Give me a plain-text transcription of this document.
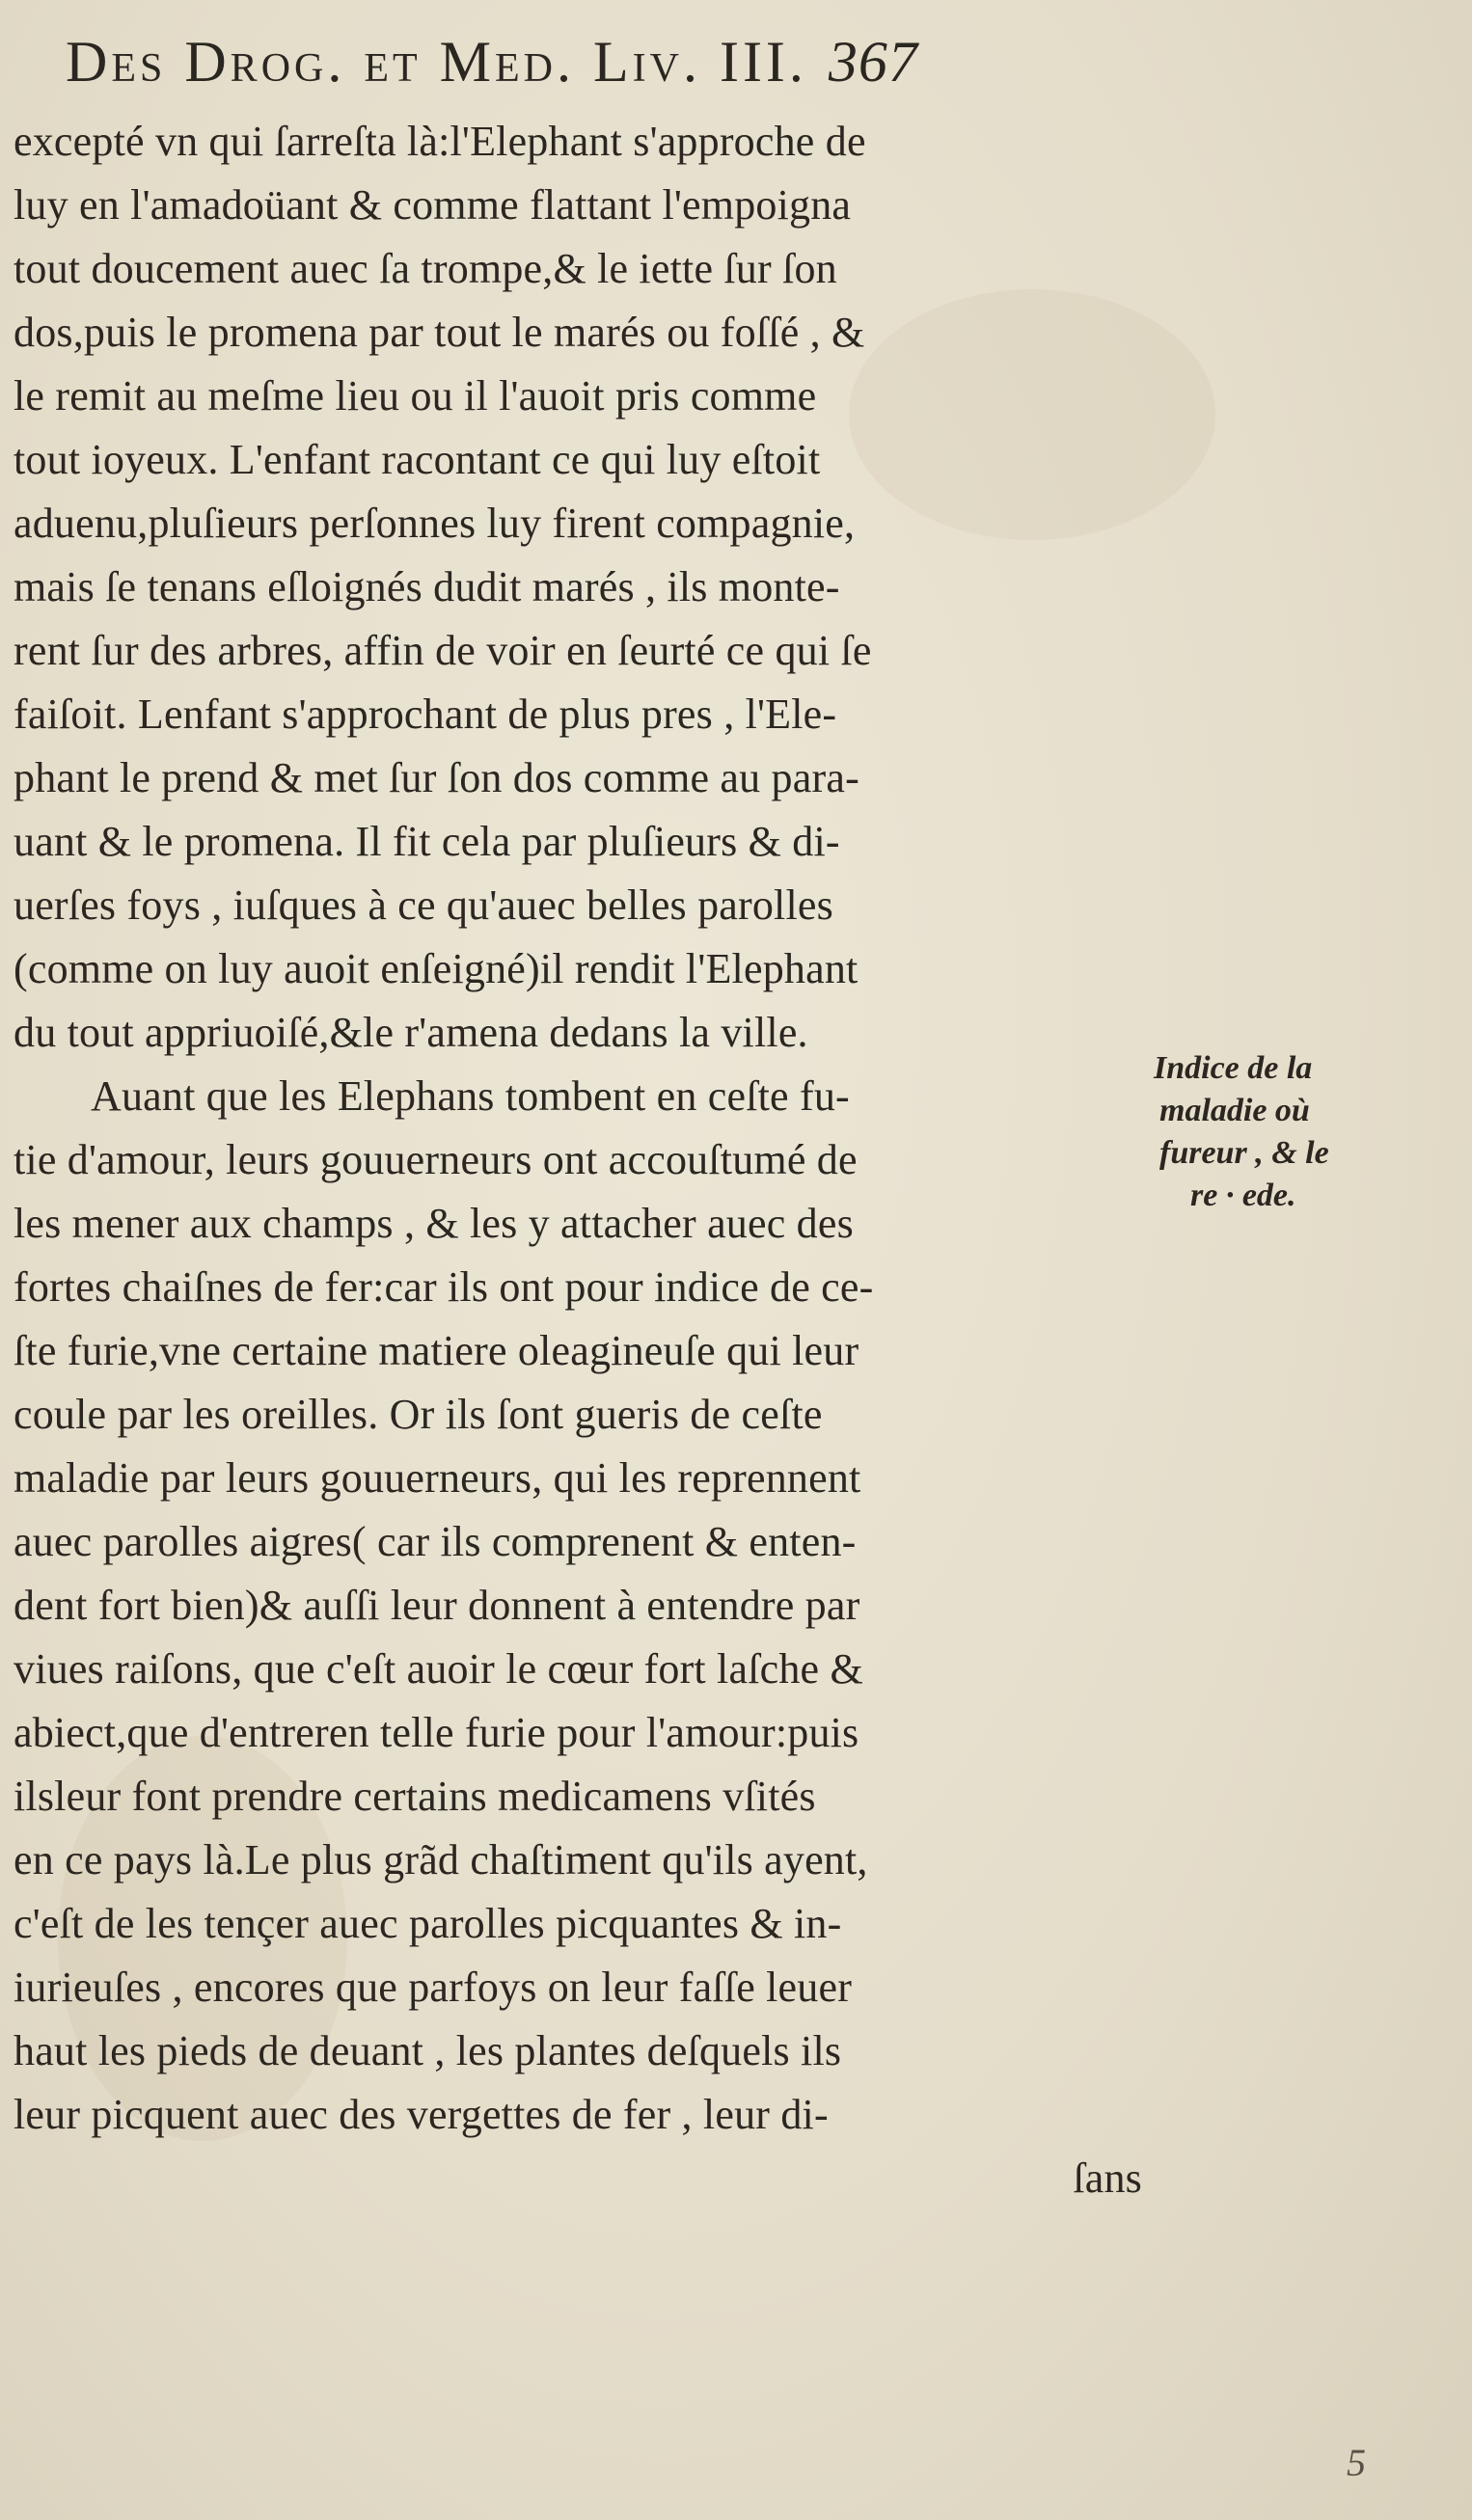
Des Drog. et Med. Liv. III. 367
excepté vn qui ſarreſta là:l'Elephant s'approche de
luy en l'amadoüant & comme flattant l'empoigna
tout doucement auec ſa trompe,& le iette ſur ſon
dos,puis le promena par tout le marés ou foſſé , &
le remit au meſme lieu ou il l'auoit pris comme
tout ioyeux. L'enfant racontant ce qui luy eſtoit
aduenu,pluſieurs perſonnes luy firent compagnie,
mais ſe tenans eſloignés dudit marés , ils monte-
rent ſur des arbres, affin de voir en ſeurté ce qui ſe
faiſoit. Lenfant s'approchant de plus pres , l'Ele-
phant le prend & met ſur ſon dos comme au para-
uant & le promena. Il fit cela par pluſieurs & di-
uerſes foys , iuſques à ce qu'auec belles parolles
(comme on luy auoit enſeigné)il rendit l'Elephant
du tout appriuoiſé,&le r'amena dedans la ville.
Auant que les Elephans tombent en ceſte fu-
tie d'amour, leurs gouuerneurs ont accouſtumé de
les mener aux champs , & les y attacher auec des
fortes chaiſnes de fer:car ils ont pour indice de ce-
ſte furie,vne certaine matiere oleagineuſe qui leur
coule par les oreilles. Or ils ſont gueris de ceſte
maladie par leurs gouuerneurs, qui les reprennent
auec parolles aigres( car ils comprenent & enten-
dent fort bien)& auſſi leur donnent à entendre par
viues raiſons, que c'eſt auoir le cœur fort laſche &
abiect,que d'entreren telle furie pour l'amour:puis
ilsleur font prendre certains medicamens vſités
en ce pays là.Le plus grãd chaſtiment qu'ils ayent,
c'eſt de les tençer auec parolles picquantes & in-
iurieuſes , encores que parfoys on leur faſſe leuer
haut les pieds de deuant , les plantes deſquels ils
leur picquent auec des vergettes de fer , leur di-
ſans
Indice de la
maladie où
fureur , & le
re · ede.
5
